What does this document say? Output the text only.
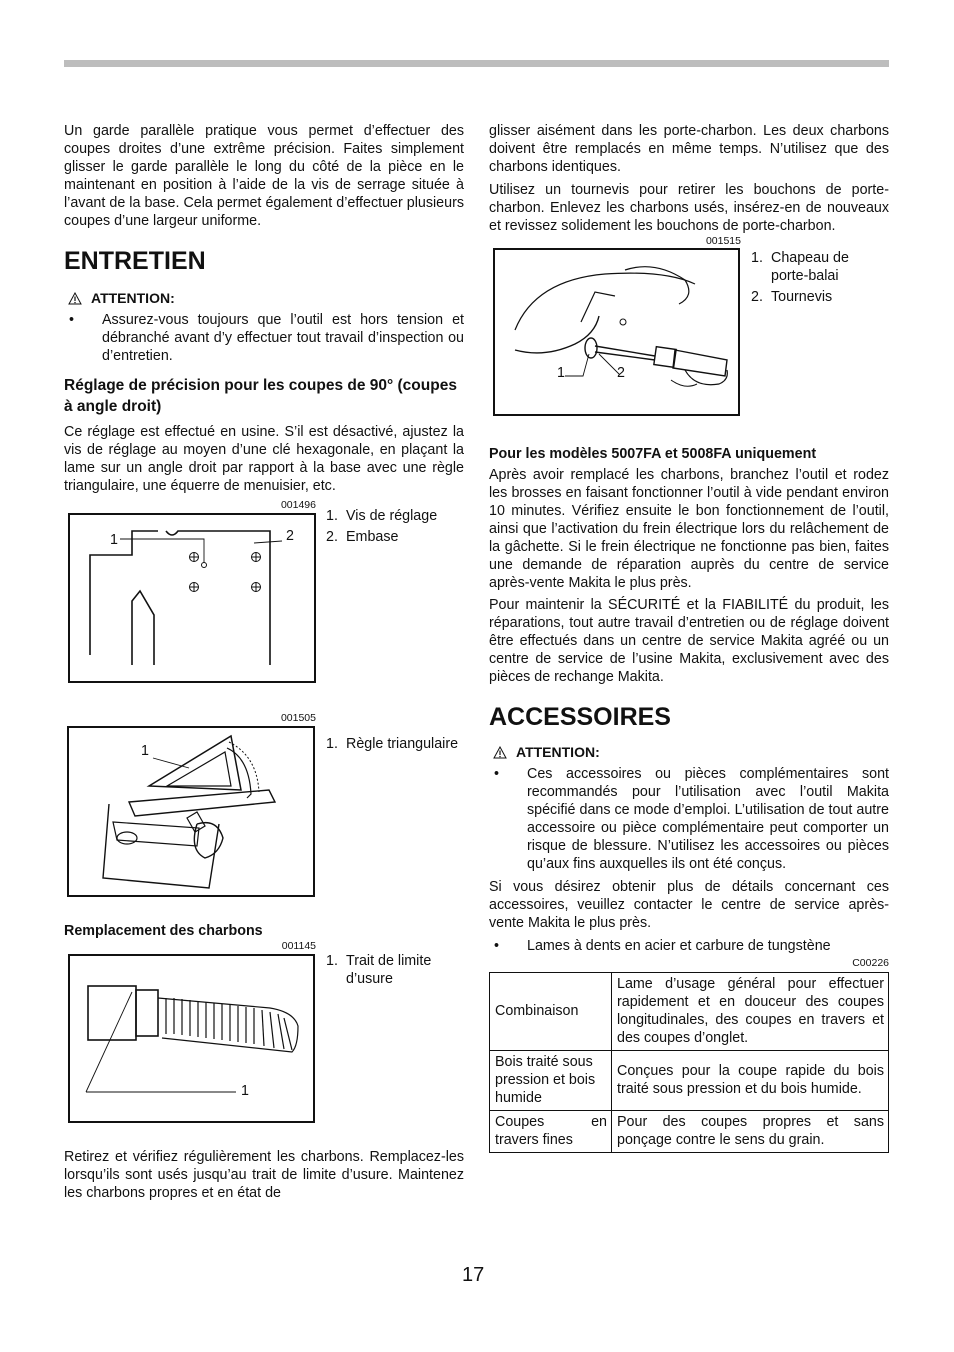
Un garde parallèle pratique vous permet d’effectuer des coupes droites d’une extrême précision. Faites simplement glisser le garde parallèle le long du côté de la pièce en le maintenant en position à l’aide de la vis de serrage située à l’avant de la base. Cela permet également d’effectuer plusieurs coupes d’une largeur uniforme.

ENTRETIEN
ATTENTION:
•	Assurez-vous toujours que l’outil est hors tension et débranché avant d’y effectuer tout travail d’inspection ou d’entretien.
Réglage de précision pour les coupes de 90° (coupes à angle droit)

Ce réglage est effectué en usine. S’il est désactivé, ajustez la vis de réglage au moyen d’une clé hexagonale, en plaçant la lame sur un angle droit par rapport à la base avec une règle triangulaire, une équerre de menuisier, etc.

001496
1	2
1. Vis de réglage
2. Embase
001505
1	1. Règle triangulaire
Remplacement des charbons
001145
1
1. Trait de limite d’usure

Retirez et vérifiez régulièrement les charbons. Remplacez-les lorsqu’ils sont usés jusqu’au trait de limite d’usure. Maintenez les charbons propres et en état de

glisser aisément dans les porte-charbon. Les deux charbons doivent être remplacés en même temps. N’utilisez que des charbons identiques.

Utilisez un tournevis pour retirer les bouchons de porte-charbon. Enlevez les charbons usés, insérez-en de nouveaux et revissez solidement les bouchons de porte-charbon.

001515
1	2
1. Chapeau de porte-balai
2. Tournevis
Pour les modèles 5007FA et 5008FA uniquement

Après avoir remplacé les charbons, branchez l’outil et rodez les brosses en faisant fonctionner l’outil à vide pendant environ 10 minutes. Vérifiez ensuite le bon fonctionnement de l’outil, ainsi que l’activation du frein électrique lors du relâchement de la gâchette. Si le frein électrique ne fonctionne pas bien, faites une demande de réparation auprès du centre de service après-vente Makita le plus près.

Pour maintenir la SÉCURITÉ et la FIABILITÉ du produit, les réparations, tout autre travail d’entretien ou de réglage doivent être effectués dans un centre de service Makita agréé ou un centre de service de l’usine Makita, exclusivement avec des pièces de rechange Makita.

ACCESSOIRES
ATTENTION:
•	Ces accessoires ou pièces complémentaires sont recommandés pour l’utilisation avec l’outil Makita spécifié dans ce mode d’emploi. L’utilisation de tout autre accessoire ou pièce complémentaire peut comporter un risque de blessure. N’utilisez les accessoires ou pièces qu’aux fins auxquelles ils ont été conçus.

Si vous désirez obtenir plus de détails concernant ces accessoires, veuillez contacter le centre de service après-vente Makita le plus près.

•	Lames à dents en acier et carbure de tungstène
C00226
Combinaison	Lame d’usage général pour effectuer rapidement et en douceur des coupes longitudinales, des coupes en travers et des coupes d’onglet.
Bois traité sous pression et bois humide	Conçues pour la coupe rapide du bois traité sous pression et du bois humide.
Coupes en travers fines	Pour des coupes propres et sans ponçage contre le sens du grain.
17
